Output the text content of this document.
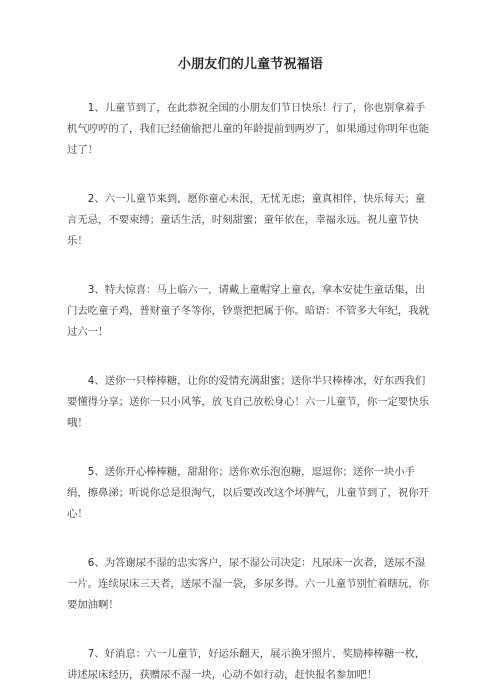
小朋友们的儿童节祝福语

1、儿童节到了，在此恭祝全国的小朋友们节日快乐！行了，你也别拿着手机气哼哼的了，我们已经偷偷把儿童的年龄提前到两岁了，如果通过你明年也能过了！

2、六一儿童节来到，愿你童心未泯，无忧无虑；童真相伴，快乐每天；童言无忌，不要束缚；童话生活，时刻甜蜜；童年依在，幸福永远。祝儿童节快乐！

3、特大惊喜：马上临六一，请戴上童帽穿上童衣，拿本安徒生童话集，出门去吃童子鸡，普财童子冬等你，钞票把把属于你。暗语：不管多大年纪，我就过六一！

4、送你一只棒棒糖，让你的爱情充满甜蜜；送你半只棒棒冰，好东西我们要懂得分享；送你一只小风筝，放飞自己放松身心！六一儿童节，你一定要快乐哦！

5、送你开心棒棒糖，甜甜你；送你欢乐泡泡糖，逗逗你；送你一块小手绢，擦鼻涕；听说你总是很淘气，以后要改改这个坏脾气，儿童节到了，祝你开心！

6、为答谢尿不湿的忠实客户，尿不湿公司决定：凡尿床一次者，送尿不湿一片。连续尿床三天者，送尿不湿一袋，多尿多得。六一儿童节别忙着瞎玩，你要加油啊！

7、好消息：六一儿童节，好运乐翻天，展示换牙照片，奖励棒棒糖一枚，讲述尿床经历，获赠尿不湿一块，心动不如行动，赶快报名参加吧！
